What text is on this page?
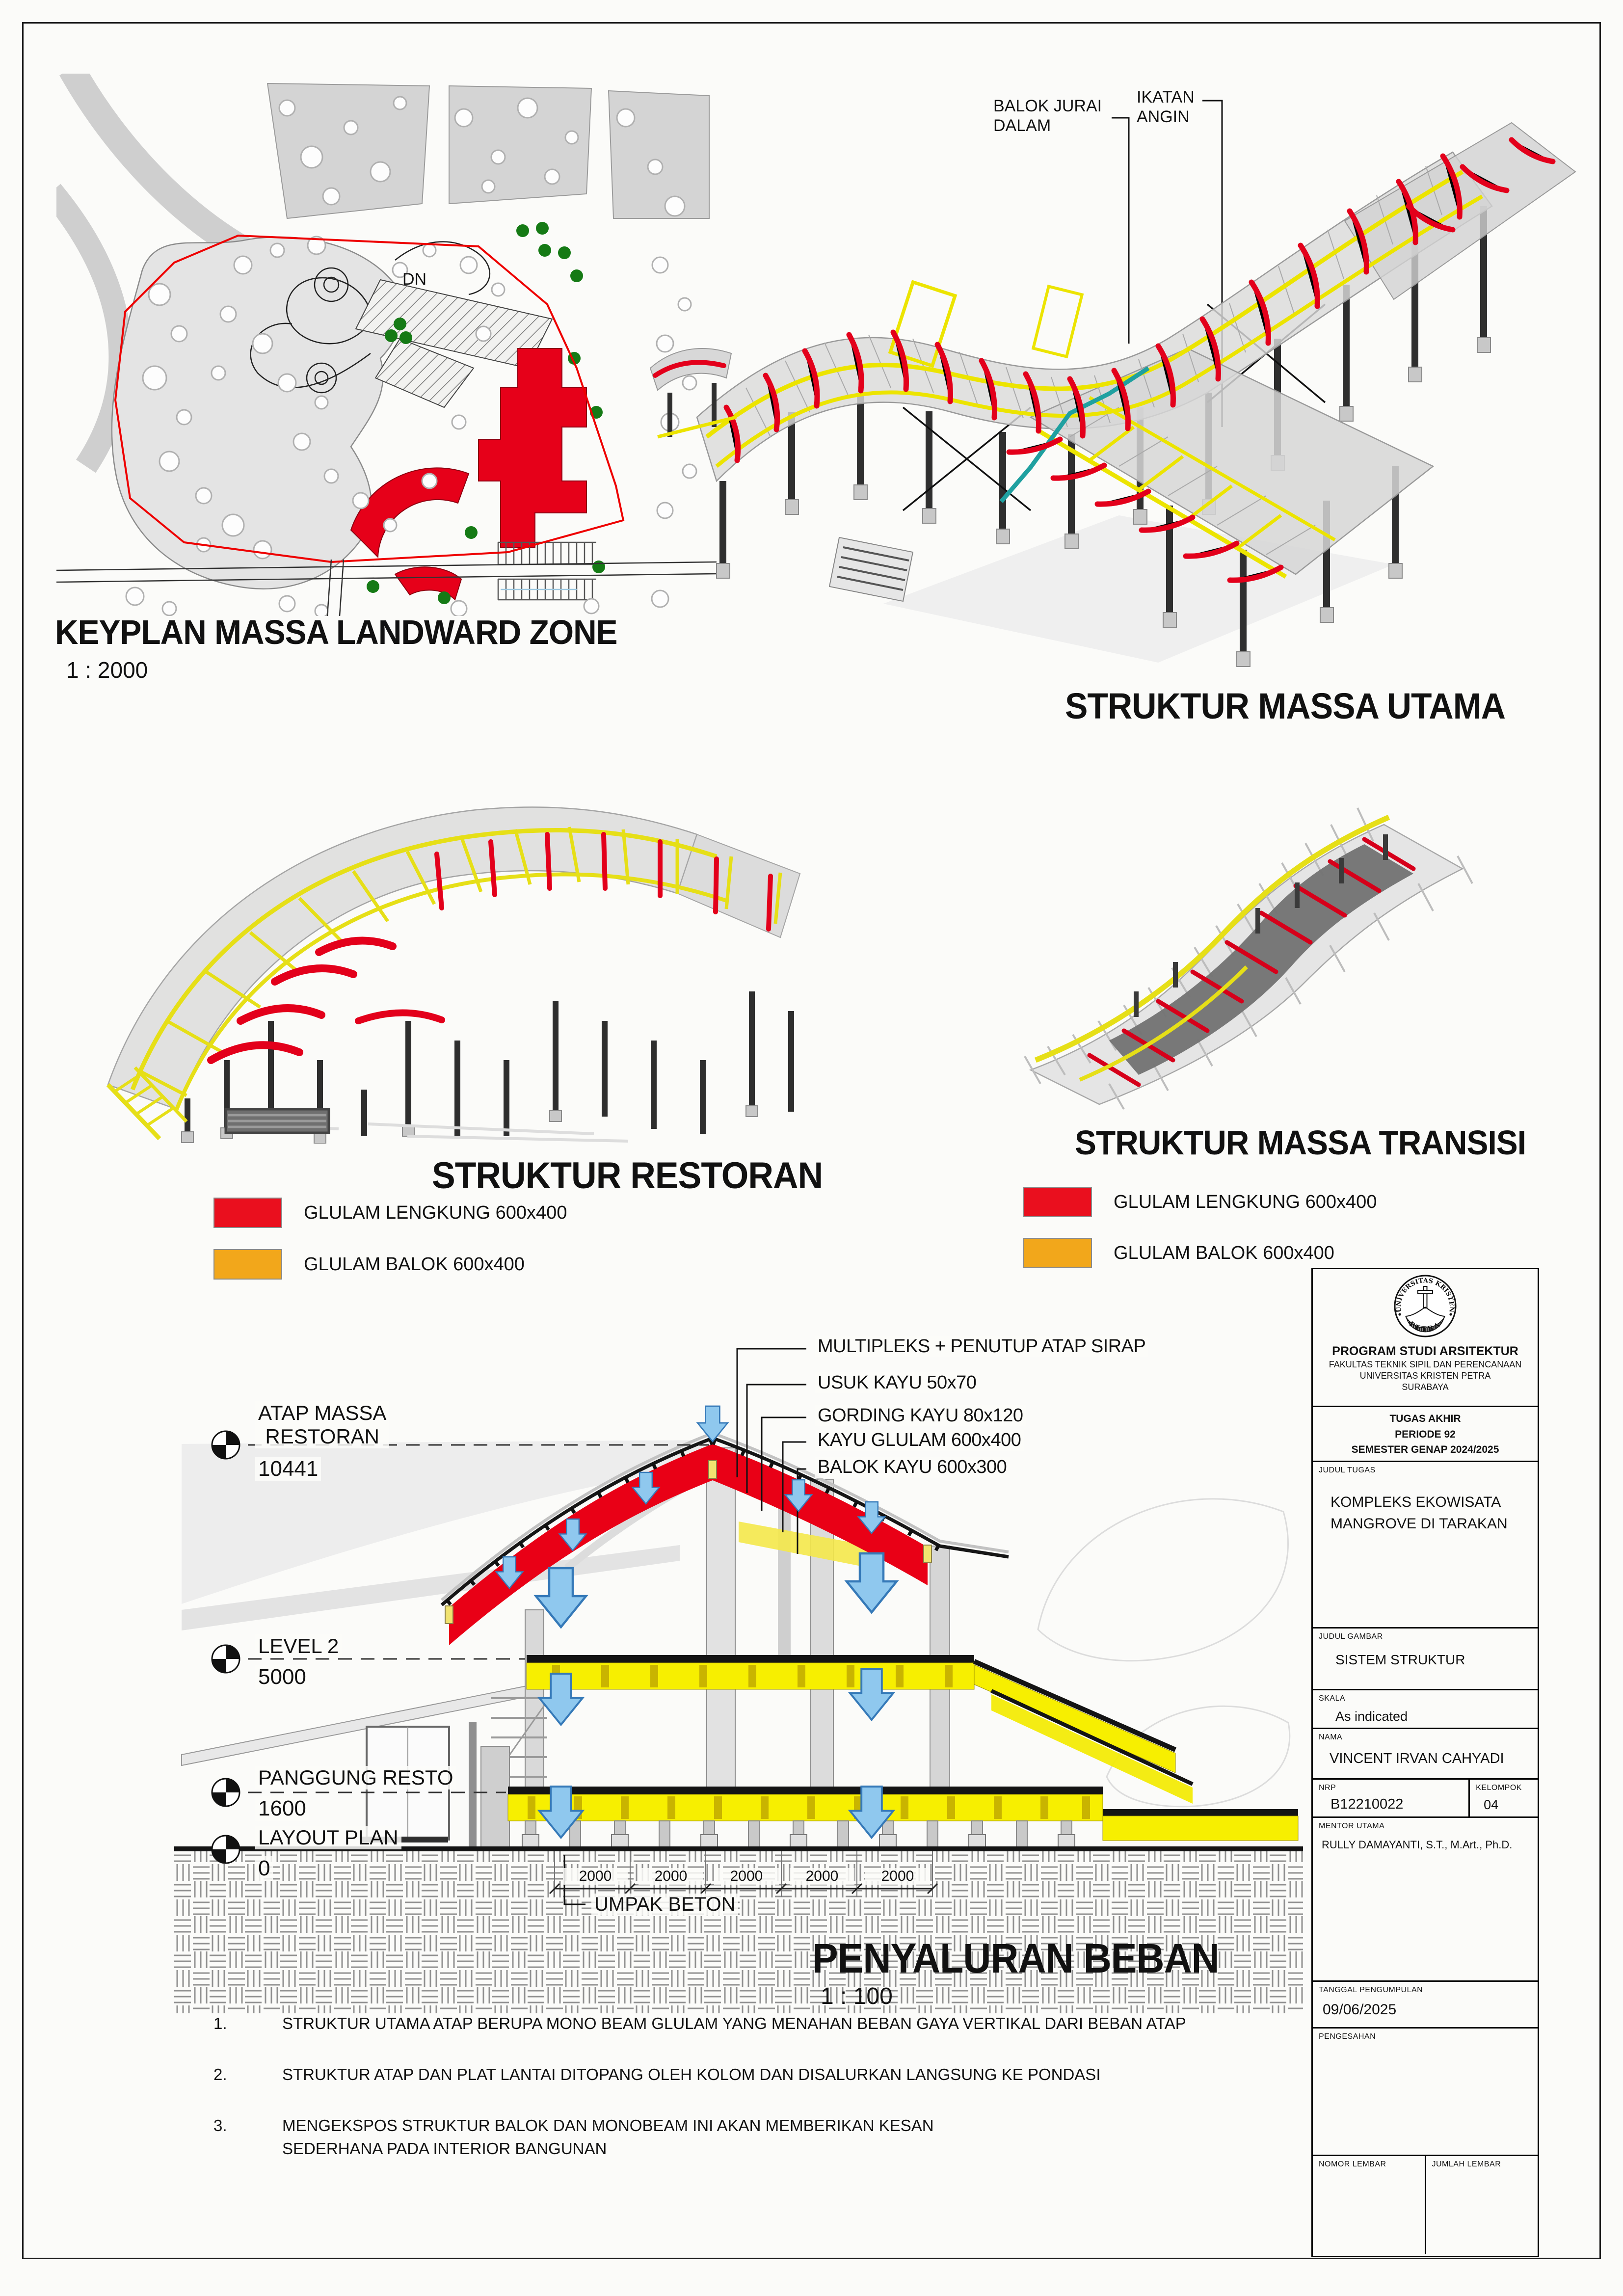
DN
KEYPLAN MASSA LANDWARD ZONE
1 : 2000
BALOK JURAI
DALAM
IKATAN
ANGIN
STRUKTUR MASSA UTAMA
STRUKTUR RESTORAN
STRUKTUR MASSA TRANSISI
GLULAM LENGKUNG 600x400
GLULAM BALOK 600x400
GLULAM LENGKUNG 600x400
GLULAM BALOK 600x400
MULTIPLEKS + PENUTUP ATAP SIRAP
USUK KAYU 50x70
GORDING KAYU 80x120
KAYU GLULAM 600x400
BALOK KAYU 600x300
ATAP MASSA
RESTORAN
10441
LEVEL 2
5000
PANGGUNG RESTO
1600
LAYOUT PLAN
0	2000	2000	2000	2000	2000
UMPAK BETON
PENYALURAN BEBAN
1 : 100
1.	STRUKTUR UTAMA ATAP BERUPA MONO BEAM GLULAM YANG MENAHAN BEBAN GAYA VERTIKAL DARI BEBAN ATAP
2.	STRUKTUR ATAP DAN PLAT LANTAI DITOPANG OLEH KOLOM DAN DISALURKAN LANGSUNG KE PONDASI
3.	MENGEKSPOS STRUKTUR BALOK DAN MONOBEAM INI AKAN MEMBERIKAN KESAN SEDERHANA PADA INTERIOR BANGUNAN
UNIVERSITAS KRISTEN
PETRA
PROGRAM STUDI ARSITEKTUR
FAKULTAS TEKNIK SIPIL DAN PERENCANAAN
UNIVERSITAS KRISTEN PETRA
SURABAYA
TUGAS AKHIR
PERIODE 92
SEMESTER GENAP 2024/2025
JUDUL TUGAS
KOMPLEKS EKOWISATA MANGROVE DI TARAKAN
JUDUL GAMBAR
SISTEM STRUKTUR
SKALA
As indicated
NAMA
VINCENT IRVAN CAHYADI
NRP
B12210022
KELOMPOK
04
MENTOR UTAMA
RULLY DAMAYANTI, S.T., M.Art., Ph.D.
TANGGAL PENGUMPULAN
09/06/2025
PENGESAHAN
NOMOR LEMBAR	JUMLAH LEMBAR
